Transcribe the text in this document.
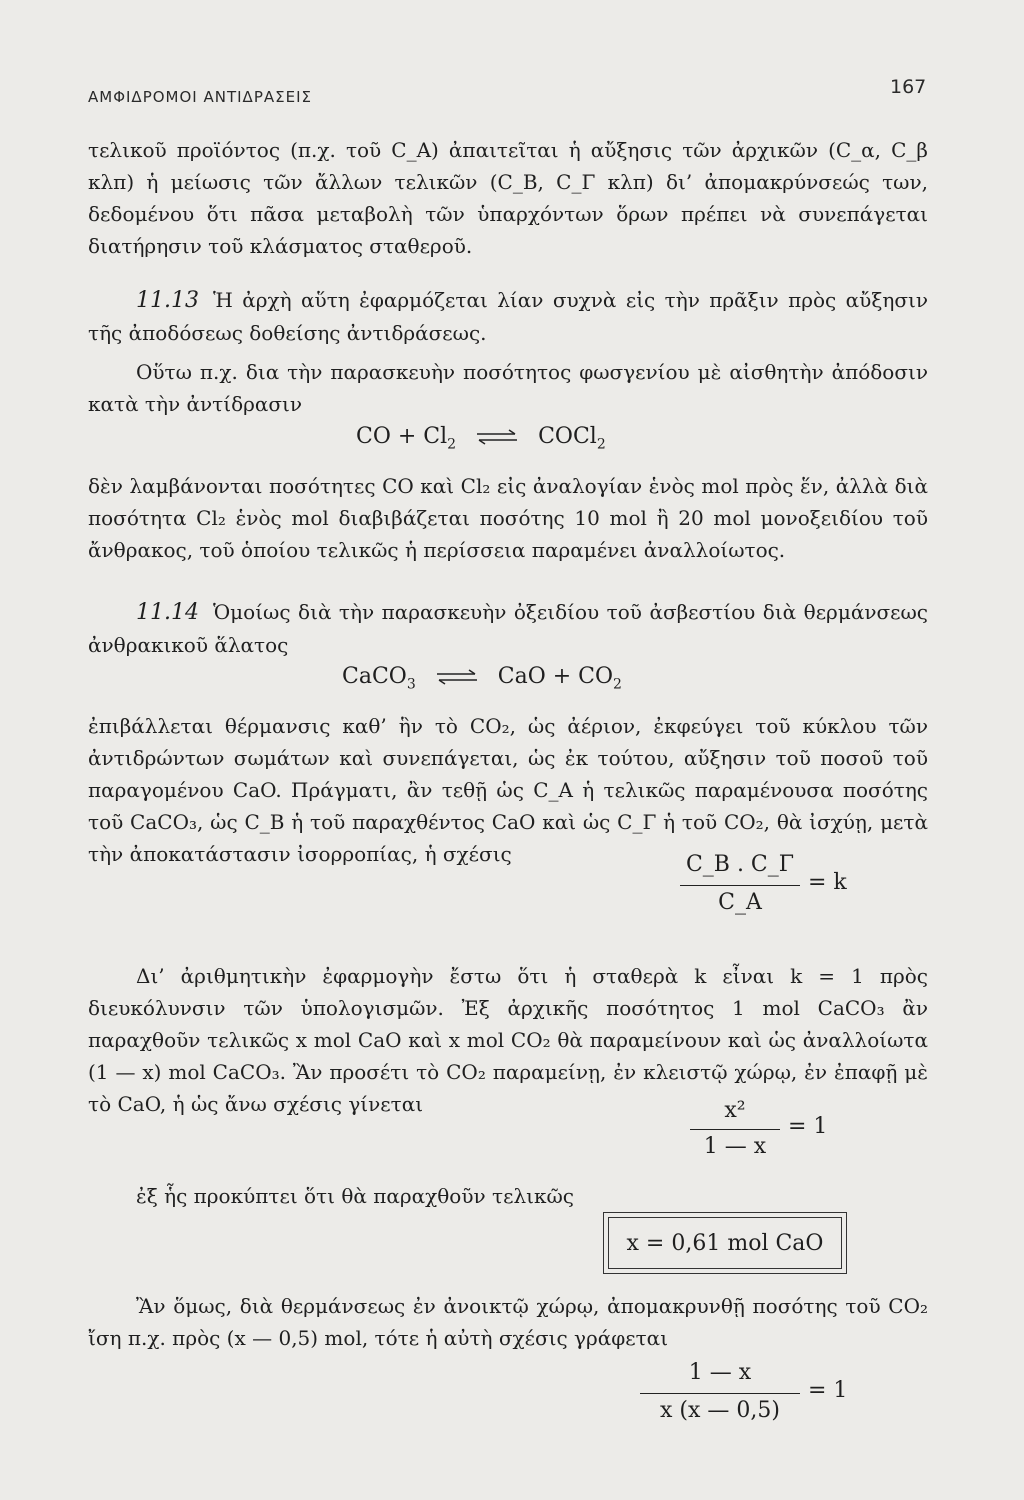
ΑΜΦΙΔΡΟΜΟΙ ΑΝΤΙΔΡΑΣΕΙΣ	167
τελικοῦ προϊόντος (π.χ. τοῦ C_A) ἀπαιτεῖται ἡ αὔξησις τῶν ἀρχικῶν (C_α, C_β κλπ) ἡ μείωσις τῶν ἄλλων τελικῶν (C_B, C_Γ κλπ) δι’ ἀπομακρύνσεώς των, δεδομένου ὅτι πᾶσα μεταβολὴ τῶν ὑπαρχόντων ὅρων πρέπει νὰ συνεπάγεται διατήρησιν τοῦ κλάσματος σταθεροῦ.
11.13 Ἡ ἀρχὴ αὕτη ἐφαρμόζεται λίαν συχνὰ εἰς τὴν πρᾶξιν πρὸς αὔξησιν τῆς ἀποδόσεως δοθείσης ἀντιδράσεως.
Οὕτω π.χ. δια τὴν παρασκευὴν ποσότητος φωσγενίου μὲ αἰσθητὴν ἀπόδοσιν κατὰ τὴν ἀντίδρασιν
CO + $Cl_2$ ⇌ COCl$_2$
δὲν λαμβάνονται ποσότητες CO καὶ Cl₂ εἰς ἀναλογίαν ἑνὸς mol πρὸς ἕν, ἀλλὰ διὰ ποσότητα Cl₂ ἑνὸς mol διαβιβάζεται ποσότης 10 mol ἢ 20 mol μονοξειδίου τοῦ ἄνθρακος, τοῦ ὁποίου τελικῶς ἡ περίσσεια παραμένει ἀναλλοίωτος.
11.14 Ὁμοίως διὰ τὴν παρασκευὴν ὀξειδίου τοῦ ἀσβεστίου διὰ θερμάνσεως ἀνθρακικοῦ ἅλατος
CaCO$_3$ ⇌ CaO + $CO_2$
ἐπιβάλλεται θέρμανσις καθ’ ἣν τὸ CO₂, ὡς ἀέριον, ἐκφεύγει τοῦ κύκλου τῶν ἀντιδρώντων σωμάτων καὶ συνεπάγεται, ὡς ἐκ τούτου, αὔξησιν τοῦ ποσοῦ τοῦ παραγομένου CaO. Πράγματι, ἂν τεθῇ ὡς C_A ἡ τελικῶς παραμένουσα ποσότης τοῦ CaCO₃, ὡς C_B ἡ τοῦ παραχθέντος CaO καὶ ὡς C_Γ ἡ τοῦ CO₂, θὰ ἰσχύῃ, μετὰ τὴν ἀποκατάστασιν ἰσορροπίας, ἡ σχέσις	C_B . C_Γ
C_A
= k
Δι’ ἀριθμητικὴν ἐφαρμογὴν ἔστω ὅτι ἡ σταθερὰ k εἶναι k = 1 πρὸς διευκόλυνσιν τῶν ὑπολογισμῶν. Ἐξ ἀρχικῆς ποσότητος 1 mol CaCO₃ ἂν παραχθοῦν τελικῶς x mol CaO καὶ x mol CO₂ θὰ παραμείνουν καὶ ὡς ἀναλλοίωτα (1 — x) mol CaCO₃. Ἂν προσέτι τὸ CO₂ παραμείνῃ, ἐν κλειστῷ χώρῳ, ἐν ἐπαφῇ μὲ τὸ CaO, ἡ ὡς ἄνω σχέσις γίνεται	x²
1 — x
= 1
ἐξ ἧς προκύπτει ὅτι θὰ παραχθοῦν τελικῶς
x = 0,61 mol CaO
Ἂν ὅμως, διὰ θερμάνσεως ἐν ἀνοικτῷ χώρῳ, ἀπομακρυνθῇ ποσότης τοῦ CO₂ ἴση π.χ. πρὸς (x — 0,5) mol, τότε ἡ αὐτὴ σχέσις γράφεται
1 — x
x (x — 0,5)
= 1
